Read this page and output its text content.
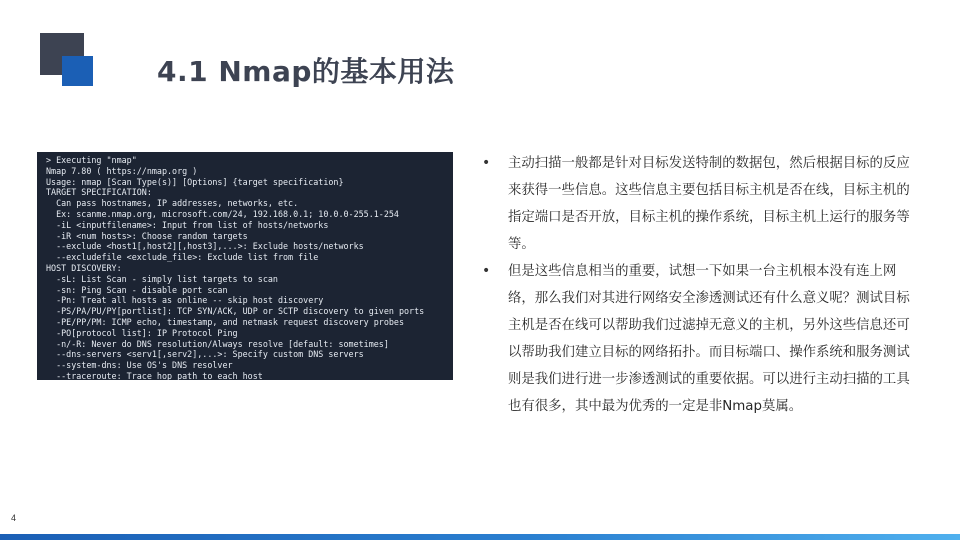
4.1 Nmap的基本用法
> Executing "nmap"
Nmap 7.80 ( https://nmap.org )
Usage: nmap [Scan Type(s)] [Options] {target specification}
TARGET SPECIFICATION:
Can pass hostnames, IP addresses, networks, etc.
Ex: scanme.nmap.org, microsoft.com/24, 192.168.0.1; 10.0.0-255.1-254
-iL <inputfilename>: Input from list of hosts/networks
-iR <num hosts>: Choose random targets
--exclude <host1[,host2][,host3],...>: Exclude hosts/networks
--excludefile <exclude_file>: Exclude list from file
HOST DISCOVERY:
-sL: List Scan - simply list targets to scan
-sn: Ping Scan - disable port scan
-Pn: Treat all hosts as online -- skip host discovery
-PS/PA/PU/PY[portlist]: TCP SYN/ACK, UDP or SCTP discovery to given ports
-PE/PP/PM: ICMP echo, timestamp, and netmask request discovery probes
-PO[protocol list]: IP Protocol Ping
-n/-R: Never do DNS resolution/Always resolve [default: sometimes]
--dns-servers <serv1[,serv2],...>: Specify custom DNS servers
--system-dns: Use OS's DNS resolver
--traceroute: Trace hop path to each host
• 主动扫描一般都是针对目标发送特制的数据包，然后根据目标的反应来获得一些信息。这些信息主要包括目标主机是否在线，目标主机的指定端口是否开放，目标主机的操作系统，目标主机上运行的服务等等。
• 但是这些信息相当的重要，试想一下如果一台主机根本没有连上网络，那么我们对其进行网络安全渗透测试还有什么意义呢？测试目标主机是否在线可以帮助我们过滤掉无意义的主机，另外这些信息还可以帮助我们建立目标的网络拓扑。而目标端口、操作系统和服务测试则是我们进行进一步渗透测试的重要依据。可以进行主动扫描的工具也有很多，其中最为优秀的一定是非Nmap莫属。
4
